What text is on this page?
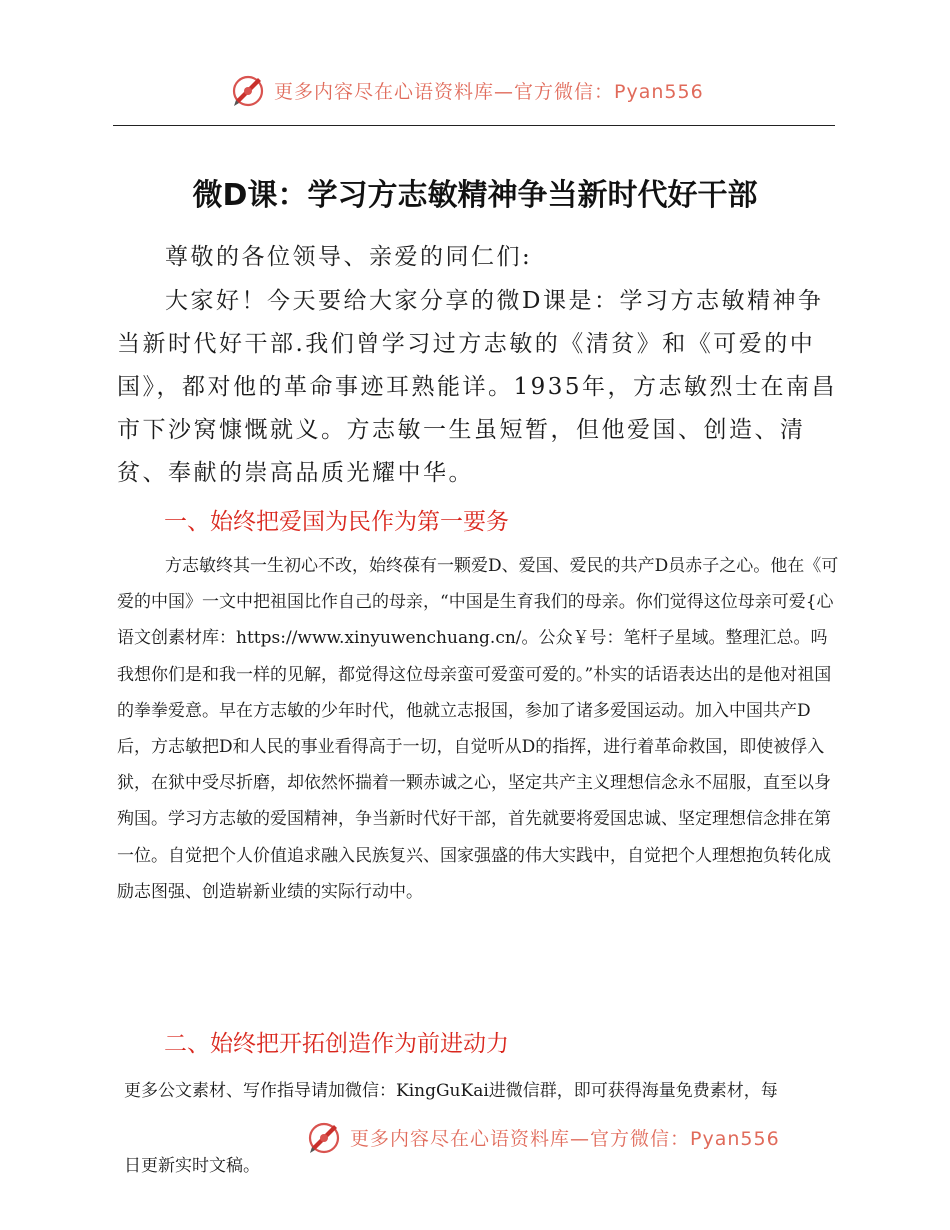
更多内容尽在心语资料库—官方微信：Pyan556
微D课：学习方志敏精神争当新时代好干部

尊敬的各位领导、亲爱的同仁们:

大家好！今天要给大家分享的微D课是：学习方志敏精神争当新时代好干部.我们曾学习过方志敏的《清贫》和《可爱的中国》，都对他的革命事迹耳熟能详。1935年，方志敏烈士在南昌市下沙窝慷慨就义。方志敏一生虽短暂，但他爱国、创造、清贫、奉献的崇高品质光耀中华。

一、始终把爱国为民作为第一要务

方志敏终其一生初心不改，始终葆有一颗爱D、爱国、爱民的共产D员赤子之心。他在《可爱的中国》一文中把祖国比作自己的母亲，“中国是生育我们的母亲。你们觉得这位母亲可爱{心语文创素材库：https://www.xinyuwenchuang.cn/。公众￥号：笔杆子星域。整理汇总。吗我想你们是和我一样的见解，都觉得这位母亲蛮可爱蛮可爱的。”朴实的话语表达出的是他对祖国的拳拳爱意。早在方志敏的少年时代，他就立志报国，参加了诸多爱国运动。加入中国共产D后，方志敏把D和人民的事业看得高于一切，自觉听从D的指挥，进行着革命救国，即使被俘入狱，在狱中受尽折磨，却依然怀揣着一颗赤诚之心，坚定共产主义理想信念永不屈服，直至以身殉国。学习方志敏的爱国精神，争当新时代好干部，首先就要将爱国忠诚、坚定理想信念排在第一位。自觉把个人价值追求融入民族复兴、国家强盛的伟大实践中，自觉把个人理想抱负转化成励志图强、创造崭新业绩的实际行动中。

二、始终把开拓创造作为前进动力
更多公文素材、写作指导请加微信：KingGuKai进微信群，即可获得海量免费素材，每
更多内容尽在心语资料库—官方微信：Pyan556
日更新实时文稿。
